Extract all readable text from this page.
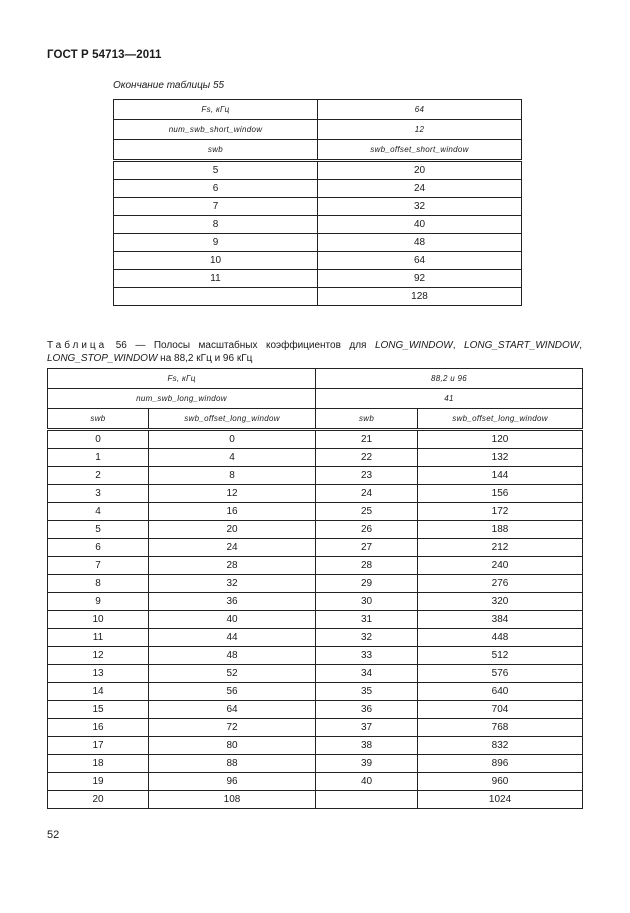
ГОСТ Р 54713—2011
Окончание таблицы 55
Fs, кГц	64
num_swb_short_window	12
swb	swb_offset_short_window
5	20
6	24
7	32
8	40
9	48
10	64
11	92
	128
Таблица 56 — Полосы масштабных коэффициентов для LONG_WINDOW, LONG_START_WINDOW, LONG_STOP_WINDOW на 88,2 кГц и 96 кГц
Fs, кГц		88,2 и 96	
num_swb_long_window		41	
swb	swb_offset_long_window	swb	swb_offset_long_window
0	0	21	120
1	4	22	132
2	8	23	144
3	12	24	156
4	16	25	172
5	20	26	188
6	24	27	212
7	28	28	240
8	32	29	276
9	36	30	320
10	40	31	384
11	44	32	448
12	48	33	512
13	52	34	576
14	56	35	640
15	64	36	704
16	72	37	768
17	80	38	832
18	88	39	896
19	96	40	960
20	108		1024
52
